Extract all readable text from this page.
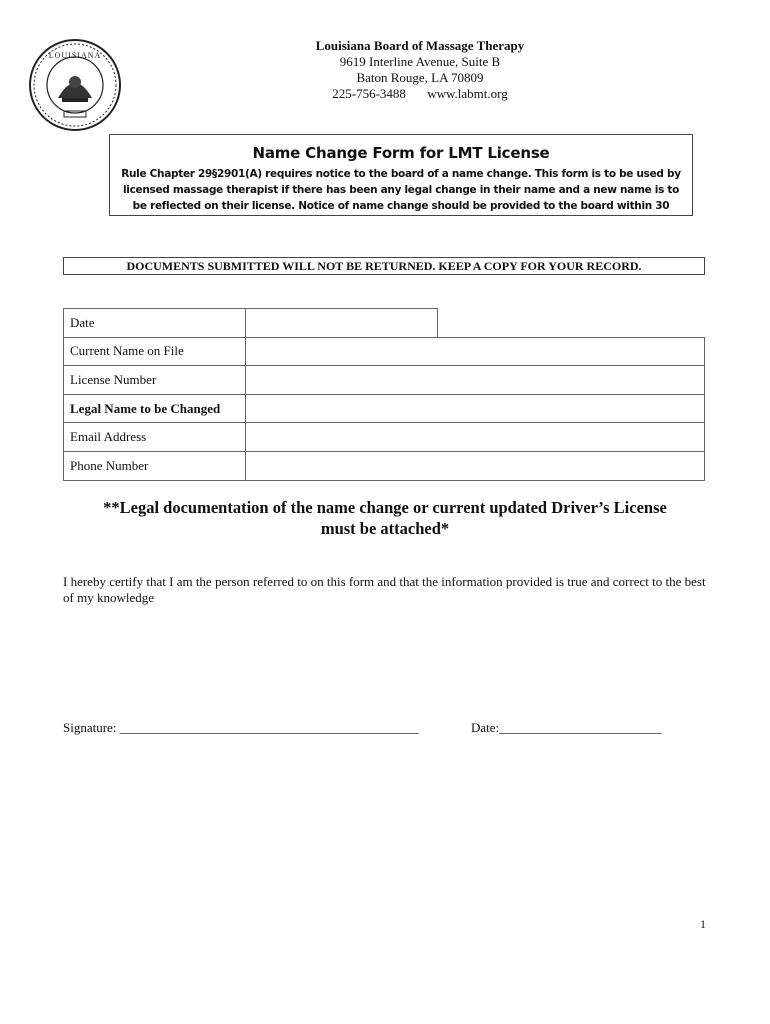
LOUISIANA
Louisiana Board of Massage Therapy
9619 Interline Avenue, Suite B
Baton Rouge, LA 70809
225-756-3488 www.labmt.org
Name Change Form for LMT License
Rule Chapter 29§2901(A) requires notice to the board of a name change. This form is to be used by licensed massage therapist if there has been any legal change in their name and a new name is to be reflected on their license. Notice of name change should be provided to the board within 30
DOCUMENTS SUBMITTED WILL NOT BE RETURNED. KEEP A COPY FOR YOUR RECORD.
Date		
Current Name on File		
License Number		
Legal Name to be Changed		
Email Address		
Phone Number		
**Legal documentation of the name change or current updated Driver’s License
must be attached*
I hereby certify that I am the person referred to on this form and that the information provided is true and correct to the best of my knowledge
Signature: ______________________________________________	Date:_________________________
1
